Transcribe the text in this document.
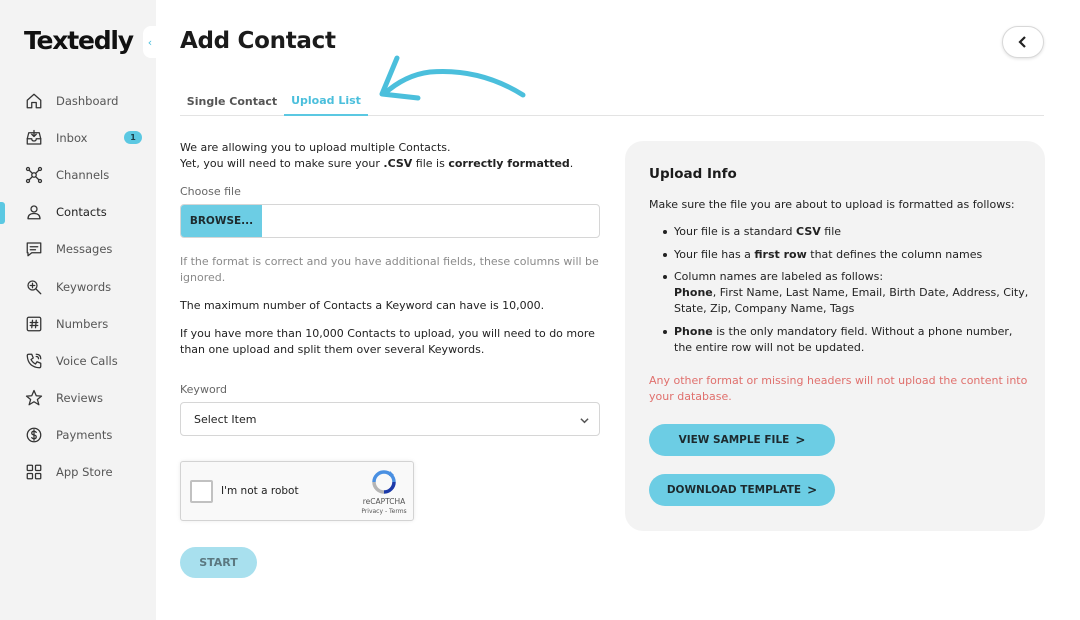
Textedly ‹
Dashboard
Inbox	1
Channels
Contacts
Messages
Keywords
Numbers
Voice Calls
Reviews
Payments
App Store
Add Contact
Single Contact	Upload List
We are allowing you to upload multiple Contacts.
Yet, you will need to make sure your .CSV file is correctly formatted.
Choose file
BROWSE...
If the format is correct and you have additional fields, these columns will be ignored.
The maximum number of Contacts a Keyword can have is 10,000.
If you have more than 10,000 Contacts to upload, you will need to do more than one upload and split them over several Keywords.
Keyword
Select Item
I'm not a robot
reCAPTCHA
Privacy - Terms
START
Upload Info
Make sure the file you are about to upload is formatted as follows:
Your file is a standard CSV file
Your file has a first row that defines the column names
Column names are labeled as follows:
Phone, First Name, Last Name, Email, Birth Date, Address, City, State, Zip, Company Name, Tags
Phone is the only mandatory field. Without a phone number, the entire row will not be updated.
Any other format or missing headers will not upload the content into your database.
VIEW SAMPLE FILE >
DOWNLOAD TEMPLATE >
